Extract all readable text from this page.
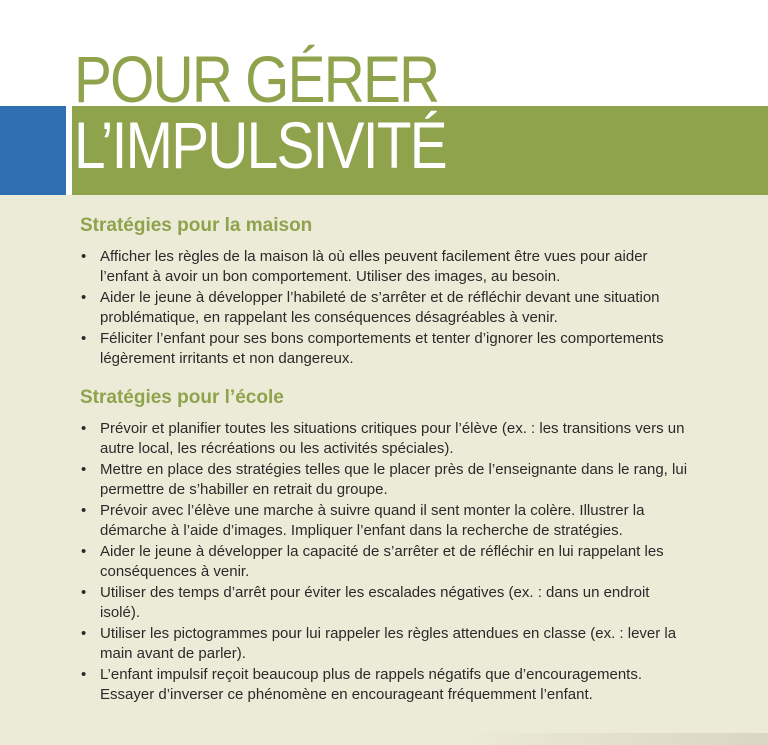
POUR GÉRER
L’IMPULSIVITÉ
Stratégies pour la maison
• Afficher les règles de la maison là où elles peuvent facilement être vues pour aider l’enfant à avoir un bon comportement. Utiliser des images, au besoin.
• Aider le jeune à développer l’habileté de s’arrêter et de réfléchir devant une situation problématique, en rappelant les conséquences désagréables à venir.
• Féliciter l’enfant pour ses bons comportements et tenter d’ignorer les comportements légèrement irritants et non dangereux.
Stratégies pour l’école
• Prévoir et planifier toutes les situations critiques pour l’élève (ex. : les transitions vers un autre local, les récréations ou les activités spéciales).
• Mettre en place des stratégies telles que le placer près de l’enseignante dans le rang, lui permettre de s’habiller en retrait du groupe.
• Prévoir avec l’élève une marche à suivre quand il sent monter la colère. Illustrer la démarche à l’aide d’images. Impliquer l’enfant dans la recherche de stratégies.
• Aider le jeune à développer la capacité de s’arrêter et de réfléchir en lui rappelant les conséquences à venir.
• Utiliser des temps d’arrêt pour éviter les escalades négatives (ex. : dans un endroit isolé).
• Utiliser les pictogrammes pour lui rappeler les règles attendues en classe (ex. : lever la main avant de parler).
• L’enfant impulsif reçoit beaucoup plus de rappels négatifs que d’encouragements. Essayer d’inverser ce phénomène en encourageant fréquemment l’enfant.
